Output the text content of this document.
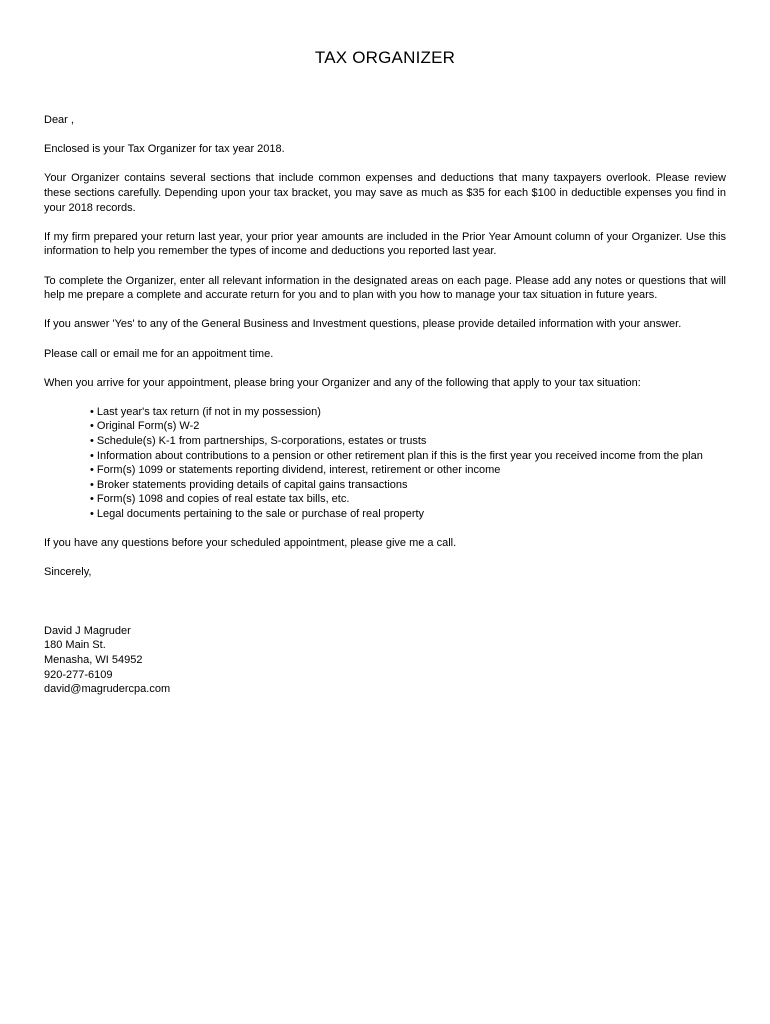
TAX ORGANIZER

Dear ,

Enclosed is your Tax Organizer for tax year 2018.

Your Organizer contains several sections that include common expenses and deductions that many taxpayers overlook. Please review these sections carefully. Depending upon your tax bracket, you may save as much as $35 for each $100 in deductible expenses you find in your 2018 records.

If my firm prepared your return last year, your prior year amounts are included in the Prior Year Amount column of your Organizer. Use this information to help you remember the types of income and deductions you reported last year.

To complete the Organizer, enter all relevant information in the designated areas on each page. Please add any notes or questions that will help me prepare a complete and accurate return for you and to plan with you how to manage your tax situation in future years.

If you answer 'Yes' to any of the General Business and Investment questions, please provide detailed information with your answer.

Please call or email me for an appoitment time.

When you arrive for your appointment, please bring your Organizer and any of the following that apply to your tax situation:

• Last year's tax return (if not in my possession)
• Original Form(s) W-2
• Schedule(s) K-1 from partnerships, S-corporations, estates or trusts
• Information about contributions to a pension or other retirement plan if this is the first year you received income from the plan
• Form(s) 1099 or statements reporting dividend, interest, retirement or other income
• Broker statements providing details of capital gains transactions
• Form(s) 1098 and copies of real estate tax bills, etc.
• Legal documents pertaining to the sale or purchase of real property

If you have any questions before your scheduled appointment, please give me a call.

Sincerely,

David J Magruder
180 Main St.
Menasha, WI 54952
920-277-6109
david@magrudercpa.com
